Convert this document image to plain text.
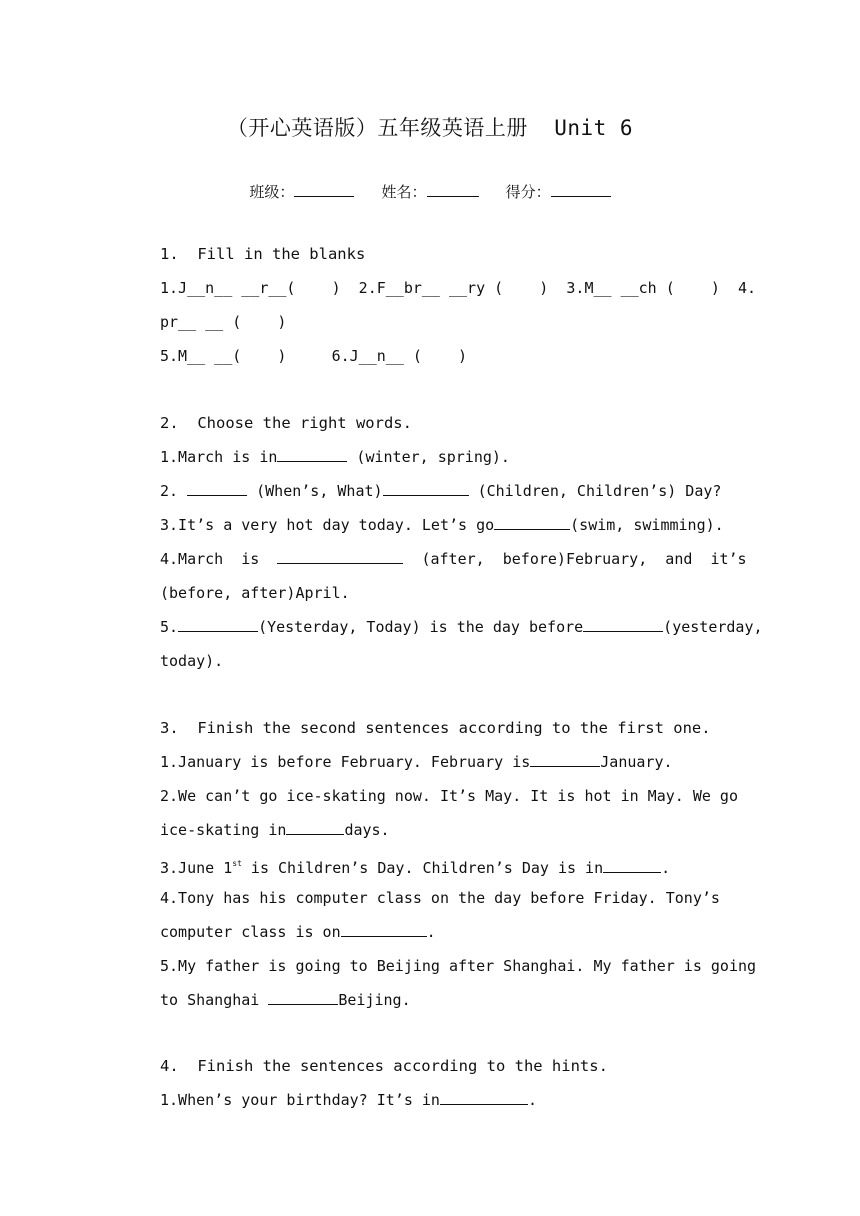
（开心英语版）五年级英语上册  Unit 6
班级：	姓名：	得分：
1.  Fill in the blanks
1.J__n__ __r__(    )  2.F__br__ __ry (    )  3.M__ __ch (    )  4.
pr__ __ (    )
5.M__ __(    )     6.J__n__ (    )
2.  Choose the right words.
1.March is in	(winter, spring).
2.	(When’s, What)	(Children, Children’s) Day?
3.It’s a very hot day today. Let’s go	(swim, swimming).
4.March  is	(after,  before)February,  and  it’s
(before, after)April.
5.	(Yesterday, Today) is the day before	(yesterday,
today).
3.  Finish the second sentences according to the first one.
1.January is before February. February is	January.
2.We can’t go ice-skating now. It’s May. It is hot in May. We go
ice-skating in	days.
3.June 1st is Children’s Day. Children’s Day is in	.
4.Tony has his computer class on the day before Friday. Tony’s
computer class is on	.
5.My father is going to Beijing after Shanghai. My father is going
to Shanghai	Beijing.
4.  Finish the sentences according to the hints.
1.When’s your birthday? It’s in	.
